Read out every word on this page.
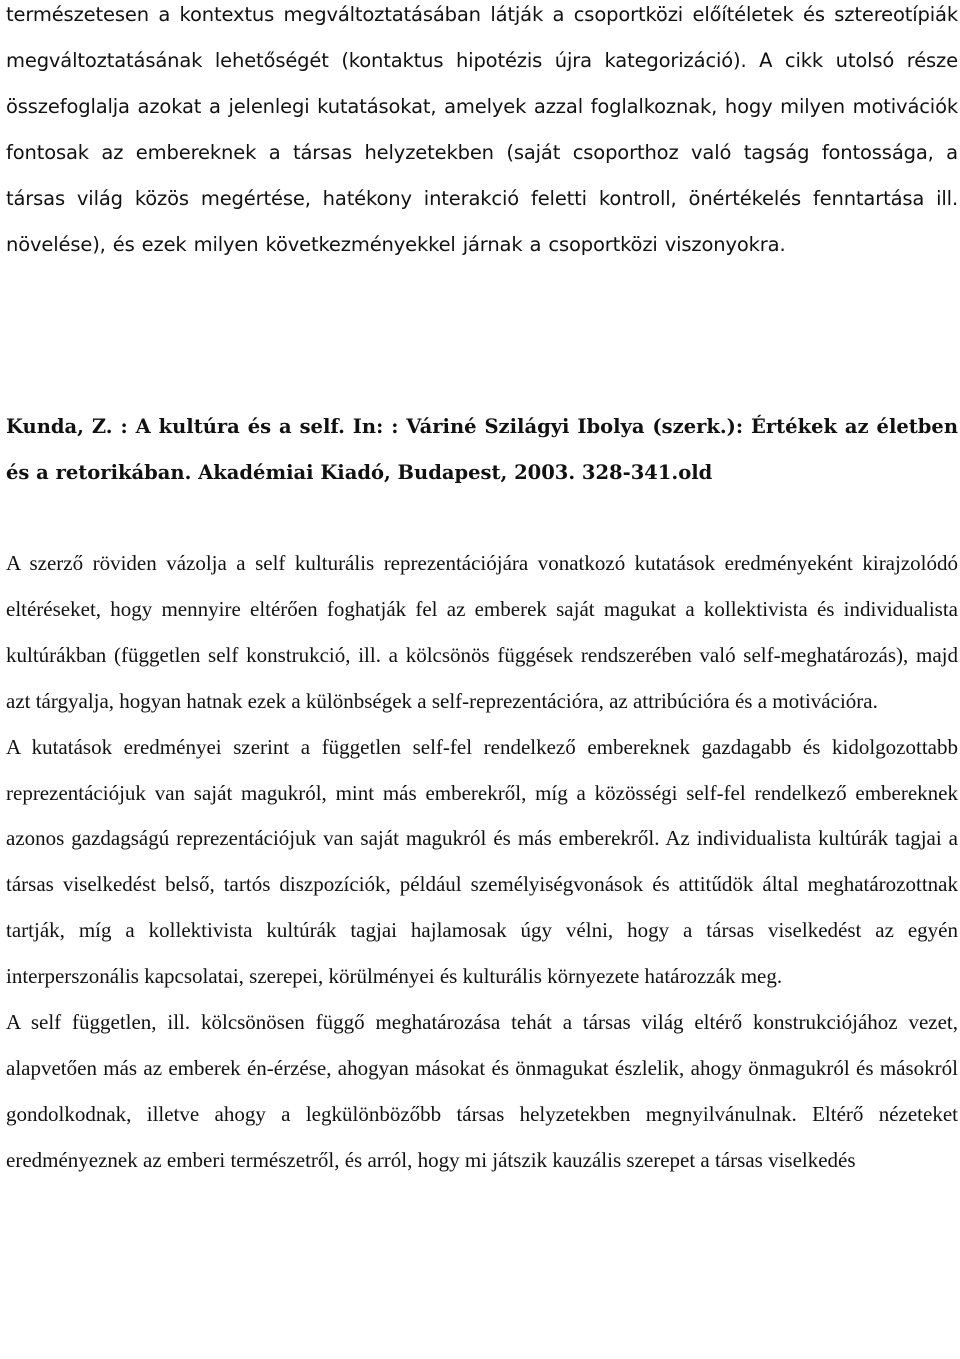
természetesen a kontextus megváltoztatásában látják a csoportközi előítéletek és sztereotípiák megváltoztatásának lehetőségét (kontaktus hipotézis újra kategorizáció). A cikk utolsó része összefoglalja azokat a jelenlegi kutatásokat, amelyek azzal foglalkoznak, hogy milyen motivációk fontosak az embereknek a társas helyzetekben (saját csoporthoz való tagság fontossága, a társas világ közös megértése, hatékony interakció feletti kontroll, önértékelés fenntartása ill. növelése), és ezek milyen következményekkel járnak a csoportközi viszonyokra.

Kunda, Z. : A kultúra és a self. In: : Váriné Szilágyi Ibolya (szerk.): Értékek az életben és a retorikában. Akadémiai Kiadó, Budapest, 2003. 328-341.old

A szerző röviden vázolja a self kulturális reprezentációjára vonatkozó kutatások eredményeként kirajzolódó eltéréseket, hogy mennyire eltérően foghatják fel az emberek saját magukat a kollektivista és individualista kultúrákban (független self konstrukció, ill. a kölcsönös függések rendszerében való self-meghatározás), majd azt tárgyalja, hogyan hatnak ezek a különbségek a self-reprezentációra, az attribúcióra és a motivációra.

A kutatások eredményei szerint a független self-fel rendelkező embereknek gazdagabb és kidolgozottabb reprezentációjuk van saját magukról, mint más emberekről, míg a közösségi self-fel rendelkező embereknek azonos gazdagságú reprezentációjuk van saját magukról és más emberekről. Az individualista kultúrák tagjai a társas viselkedést belső, tartós diszpozíciók, például személyiségvonások és attitűdök által meghatározottnak tartják, míg a kollektivista kultúrák tagjai hajlamosak úgy vélni, hogy a társas viselkedést az egyén interperszonális kapcsolatai, szerepei, körülményei és kulturális környezete határozzák meg.

A self független, ill. kölcsönösen függő meghatározása tehát a társas világ eltérő konstrukciójához vezet, alapvetően más az emberek én-érzése, ahogyan másokat és önmagukat észlelik, ahogy önmagukról és másokról gondolkodnak, illetve ahogy a legkülönbözőbb társas helyzetekben megnyilvánulnak. Eltérő nézeteket eredményeznek az emberi természetről, és arról, hogy mi játszik kauzális szerepet a társas viselkedés
